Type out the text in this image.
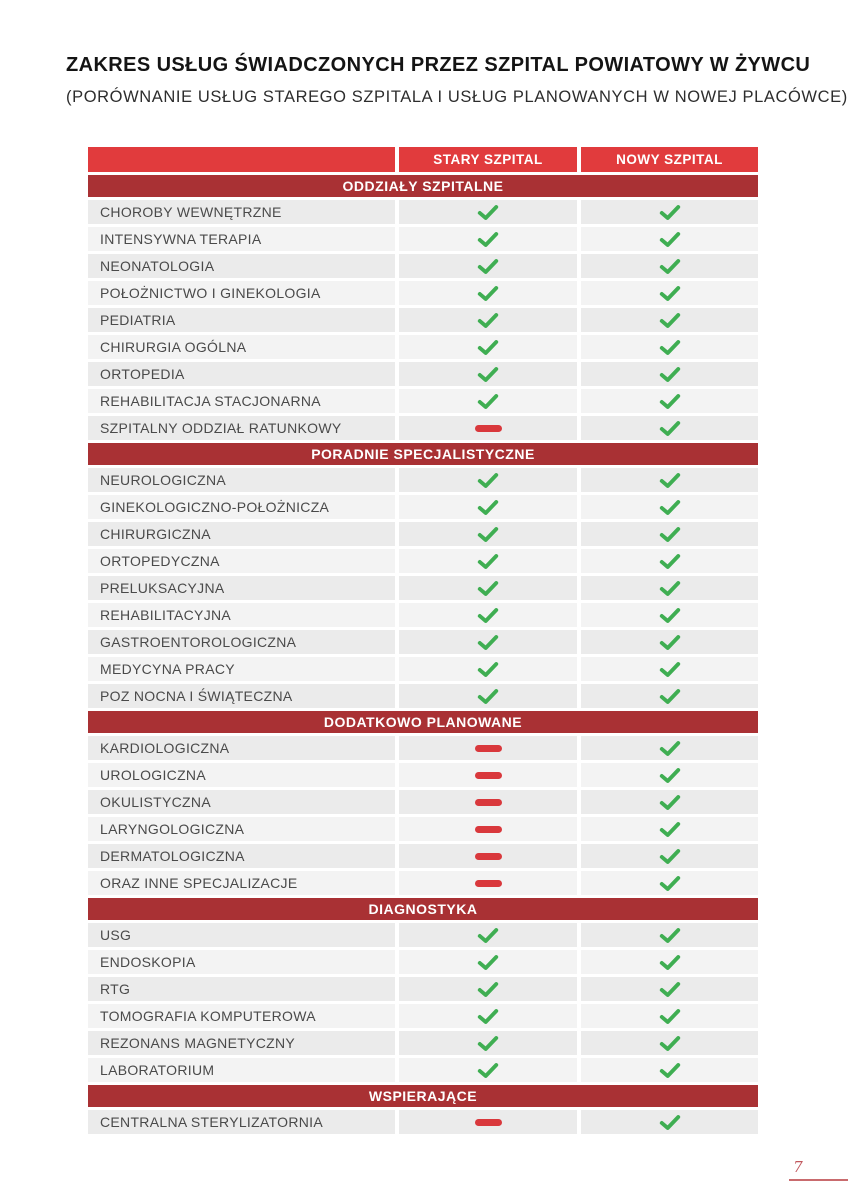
ZAKRES USŁUG ŚWIADCZONYCH PRZEZ SZPITAL POWIATOWY W ŻYWCU
(PORÓWNANIE USŁUG STAREGO SZPITALA I USŁUG PLANOWANYCH W NOWEJ PLACÓWCE)
STARY SZPITAL	NOWY SZPITAL
ODDZIAŁY SZPITALNE
CHOROBY WEWNĘTRZNE
INTENSYWNA TERAPIA
NEONATOLOGIA
POŁOŻNICTWO I GINEKOLOGIA
PEDIATRIA
CHIRURGIA OGÓLNA
ORTOPEDIA
REHABILITACJA STACJONARNA
SZPITALNY ODDZIAŁ RATUNKOWY
PORADNIE SPECJALISTYCZNE
NEUROLOGICZNA
GINEKOLOGICZNO-POŁOŻNICZA
CHIRURGICZNA
ORTOPEDYCZNA
PRELUKSACYJNA
REHABILITACYJNA
GASTROENTOROLOGICZNA
MEDYCYNA PRACY
POZ NOCNA I ŚWIĄTECZNA
DODATKOWO PLANOWANE
KARDIOLOGICZNA
UROLOGICZNA
OKULISTYCZNA
LARYNGOLOGICZNA
DERMATOLOGICZNA
ORAZ INNE SPECJALIZACJE
DIAGNOSTYKA
USG
ENDOSKOPIA
RTG
TOMOGRAFIA KOMPUTEROWA
REZONANS MAGNETYCZNY
LABORATORIUM
WSPIERAJĄCE
CENTRALNA STERYLIZATORNIA
7
